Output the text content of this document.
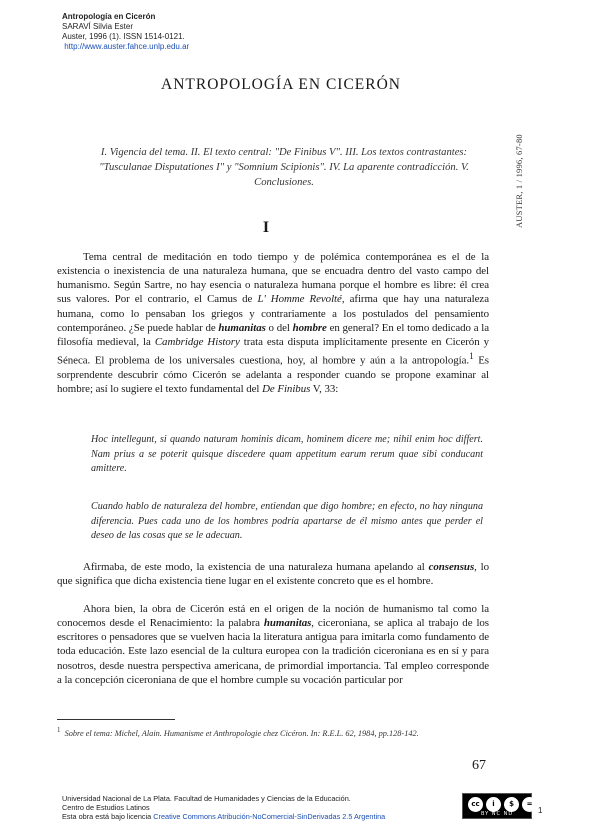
Antropología en Cicerón
SARAVÍ Silvia Ester
Auster, 1996 (1). ISSN 1514-0121.
http://www.auster.fahce.unlp.edu.ar
AUSTER, 1 / 1996, 67-80
ANTROPOLOGÍA EN CICERÓN
I. Vigencia del tema. II. El texto central: "De Finibus V". III. Los textos contrastantes: "Tusculanae Disputationes I" y "Somnium Scipionis". IV. La aparente contradicción. V. Conclusiones.
I
Tema central de meditación en todo tiempo y de polémica contemporánea es el de la existencia o inexistencia de una naturaleza humana, que se encuadra dentro del vasto campo del humanismo. Según Sartre, no hay esencia o naturaleza humana porque el hombre es libre: él crea sus valores. Por el contrario, el Camus de L' Homme Revolté, afirma que hay una naturaleza humana, como lo pensaban los griegos y contrariamente a los postulados del pensamiento contemporáneo. ¿Se puede hablar de humanitas o del hombre en general? En el tomo dedicado a la filosofía medieval, la Cambridge History trata esta disputa implícitamente presente en Cicerón y Séneca. El problema de los universales cuestiona, hoy, al hombre y aún a la antropología.$^1$ Es sorprendente descubrir cómo Cicerón se adelanta a responder cuando se propone examinar al hombre; así lo sugiere el texto fundamental del De Finibus V, 33:
Hoc intellegunt, si quando naturam hominis dicam, hominem dicere me; nihil enim hoc differt. Nam prius a se poterit quisque discedere quam appetitum earum rerum quae sibi conducant amittere.
Cuando hablo de naturaleza del hombre, entiendan que digo hombre; en efecto, no hay ninguna diferencia. Pues cada uno de los hombres podría apartarse de él mismo antes que perder el deseo de las cosas que se le adecuan.
Afirmaba, de este modo, la existencia de una naturaleza humana apelando al consensus, lo que significa que dicha existencia tiene lugar en el existente concreto que es el hombre.
Ahora bien, la obra de Cicerón está en el origen de la noción de humanismo tal como la conocemos desde el Renacimiento: la palabra humanitas, ciceroniana, se aplica al trabajo de los escritores o pensadores que se vuelven hacia la literatura antigua para imitarla como fundamento de toda educación. Este lazo esencial de la cultura europea con la tradición ciceroniana es en sí y para nosotros, desde nuestra perspectiva americana, de primordial importancia. Tal empleo corresponde a la concepción ciceroniana de que el hombre cumple su vocación particular por
$^1$ Sobre el tema: Michel, Alain. Humanisme et Anthropologie chez Cicéron. In: R.E.L. 62, 1984, pp.128-142.
67
Universidad Nacional de La Plata. Facultad de Humanidades y Ciencias de la Educación.
Centro de Estudios Latinos
Esta obra está bajo licencia Creative Commons Atribución-NoComercial-SinDerivadas 2.5 Argentina
cc	i	$	=
BY NC ND	1
